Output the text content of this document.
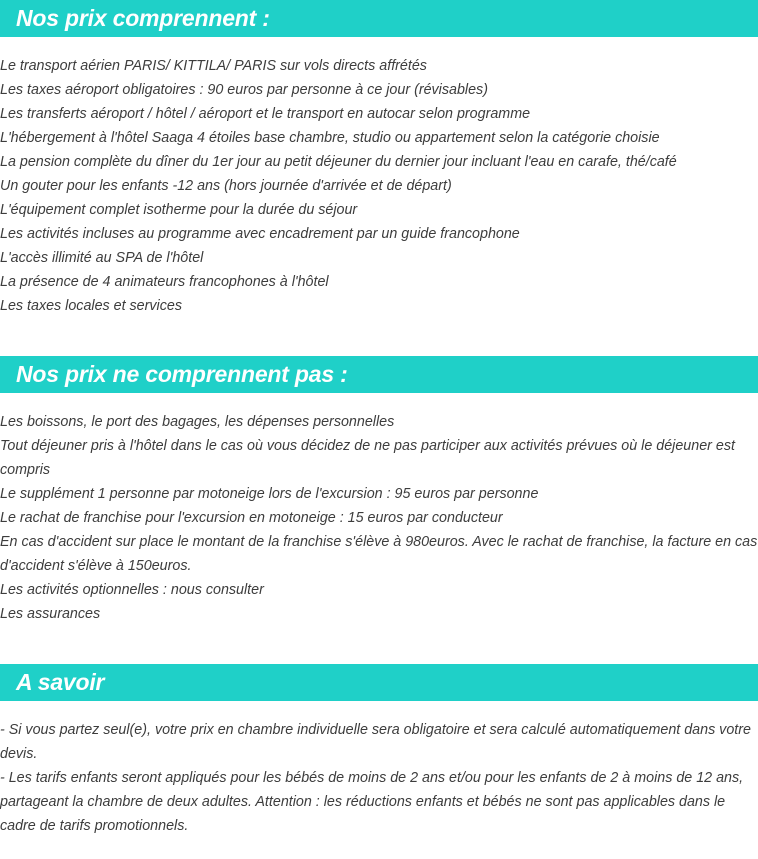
Nos prix comprennent :
Le transport aérien PARIS/ KITTILA/ PARIS sur vols directs affrétés
Les taxes aéroport obligatoires : 90 euros par personne à ce jour (révisables)
Les transferts aéroport / hôtel / aéroport et le transport en autocar selon programme
L'hébergement à l'hôtel Saaga 4 étoiles base chambre, studio ou appartement selon la catégorie choisie
La pension complète du dîner du 1er jour au petit déjeuner du dernier jour incluant l'eau en carafe, thé/café
Un gouter pour les enfants -12 ans (hors journée d'arrivée et de départ)
L'équipement complet isotherme pour la durée du séjour
Les activités incluses au programme avec encadrement par un guide francophone
L'accès illimité au SPA de l'hôtel
La présence de 4 animateurs francophones à l'hôtel
Les taxes locales et services
Nos prix ne comprennent pas :
Les boissons, le port des bagages, les dépenses personnelles
Tout déjeuner pris à l'hôtel dans le cas où vous décidez de ne pas participer aux activités prévues où le déjeuner est compris
Le supplément 1 personne par motoneige lors de l'excursion : 95 euros par personne
Le rachat de franchise pour l'excursion en motoneige : 15 euros par conducteur
En cas d'accident sur place le montant de la franchise s'élève à 980euros. Avec le rachat de franchise, la facture en cas d'accident s'élève à 150euros.
Les activités optionnelles : nous consulter
Les assurances
A savoir
- Si vous partez seul(e), votre prix en chambre individuelle sera obligatoire et sera calculé automatiquement dans votre devis.
- Les tarifs enfants seront appliqués pour les bébés de moins de 2 ans et/ou pour les enfants de 2 à moins de 12 ans, partageant la chambre de deux adultes. Attention : les réductions enfants et bébés ne sont pas applicables dans le cadre de tarifs promotionnels.
